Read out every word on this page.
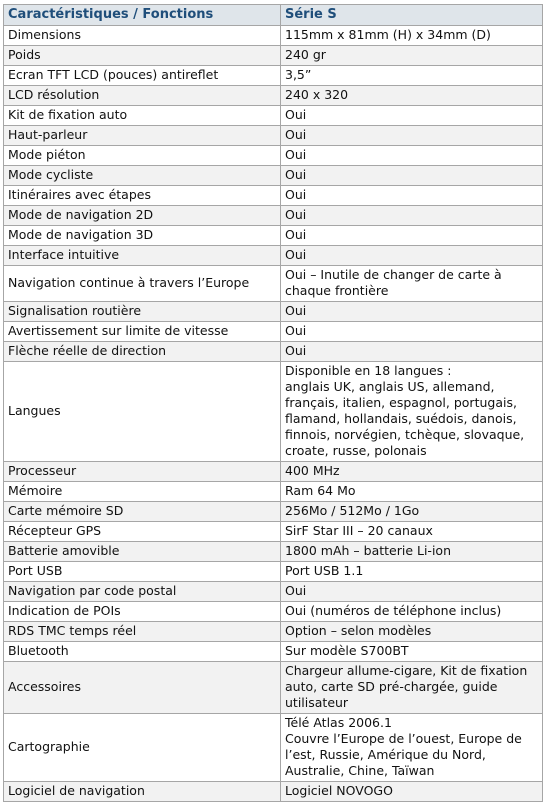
Caractéristiques / Fonctions	Série S
Dimensions	115mm x 81mm (H) x 34mm (D)

Poids	240 gr

Ecran TFT LCD (pouces) antireflet	3,5”

LCD résolution	240 x 320

Kit de fixation auto	Oui

Haut-parleur	Oui

Mode piéton	Oui

Mode cycliste	Oui

Itinéraires avec étapes	Oui

Mode de navigation 2D	Oui

Mode de navigation 3D	Oui

Interface intuitive	Oui

Navigation continue à travers l’Europe	Oui – Inutile de changer de carte à chaque frontière

Signalisation routière	Oui

Avertissement sur limite de vitesse	Oui

Flèche réelle de direction	Oui

Langues	Disponible en 18 langues :
anglais UK, anglais US, allemand, français, italien, espagnol, portugais, flamand, hollandais, suédois, danois, finnois, norvégien, tchèque, slovaque, croate, russe, polonais

Processeur	400 MHz

Mémoire	Ram 64 Mo

Carte mémoire SD	256Mo / 512Mo / 1Go

Récepteur GPS	SirF Star III – 20 canaux

Batterie amovible	1800 mAh – batterie Li-ion

Port USB	Port USB 1.1

Navigation par code postal	Oui

Indication de POIs	Oui (numéros de téléphone inclus)

RDS TMC temps réel	Option – selon modèles

Bluetooth	Sur modèle S700BT

Accessoires	Chargeur allume-cigare, Kit de fixation auto, carte SD pré-chargée, guide utilisateur

Cartographie	Télé Atlas 2006.1
Couvre l’Europe de l’ouest, Europe de l’est, Russie, Amérique du Nord, Australie, Chine, Taïwan

Logiciel de navigation	Logiciel NOVOGO
